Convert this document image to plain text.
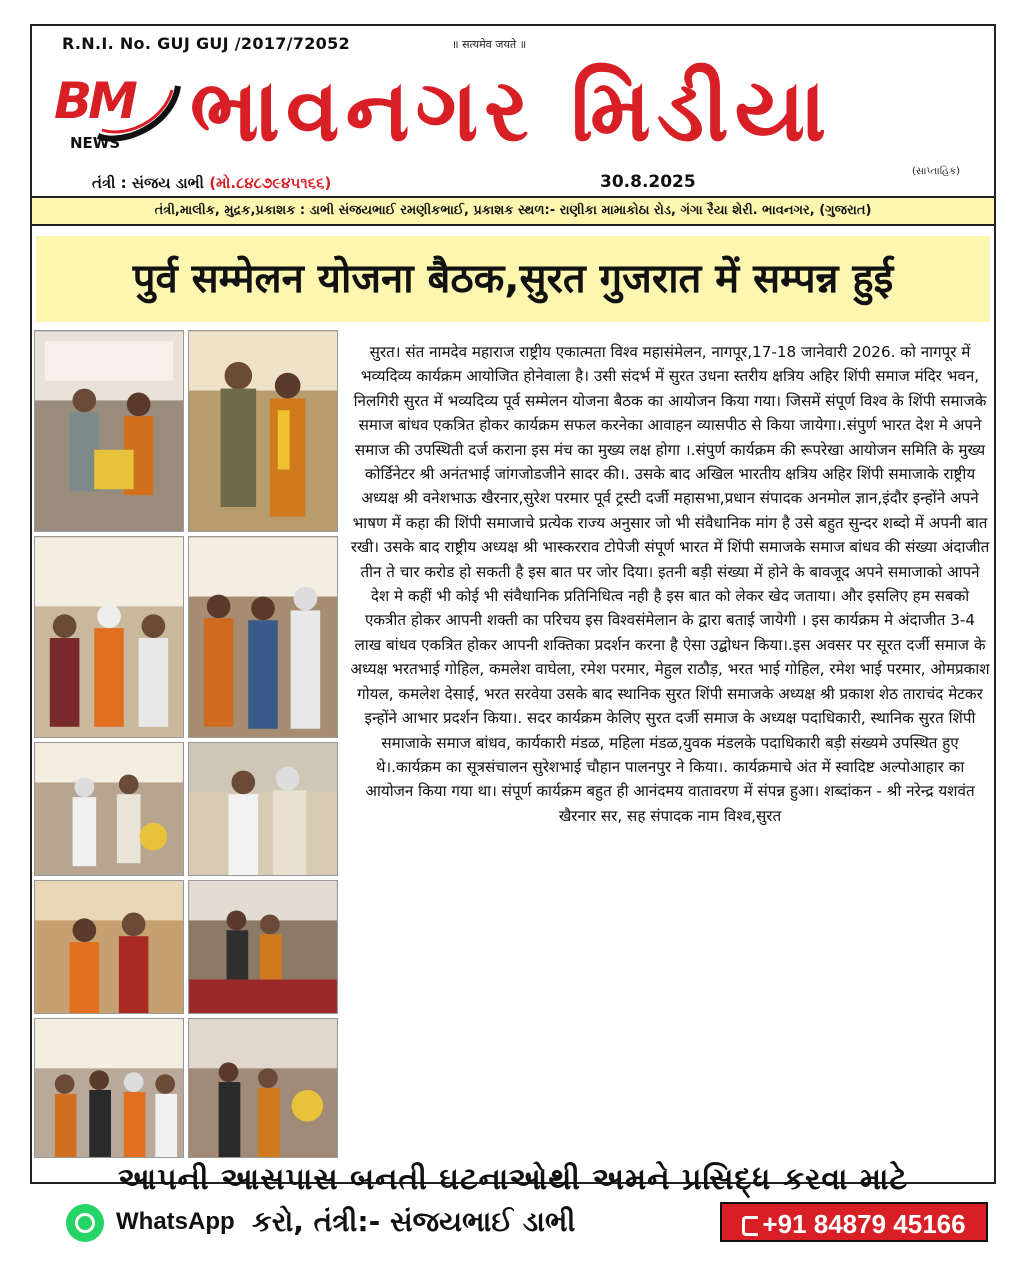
R.N.I. No. GUJ GUJ /2017/72052	॥ सत्यमेव जयते ॥
BM
NEWS ભાવનગર મિડીયા
(સાપ્તાહિક)
તંત્રી : સંજય ડાભી (મો.૮૪૮૭૯૪૫૧૬૬)	30.8.2025
તંત્રી,માલીક, મુદ્રક,પ્રકાશક : ડાભી સંજયભાઈ રમણીકભાઈ, પ્રકાશક સ્થળ:- રાણીકા મામાકોઠા રોડ, ગંગા રૈયા શેરી. ભાવનગર, (ગુજરાત)
पुर्व सम्मेलन योजना बैठक,सुरत गुजरात में सम्पन्न हुई
सुरत। संत नामदेव महाराज राष्ट्रीय एकात्मता विश्व महासंमेलन, नागपूर,17-18 जानेवारी 2026. को नागपूर में भव्यदिव्य कार्यक्रम आयोजित होनेवाला है। उसी संदर्भ में सुरत उधना स्तरीय क्षत्रिय अहिर शिंपी समाज मंदिर भवन, निलगिरी सुरत में भव्यदिव्य पूर्व सम्मेलन योजना बैठक का आयोजन किया गया। जिसमें संपूर्ण विश्व के शिंपी समाजके समाज बांधव एकत्रित होकर कार्यक्रम सफल करनेका आवाहन व्यासपीठ से किया जायेगा।.संपुर्ण भारत देश मे अपने समाज की उपस्थिती दर्ज कराना इस मंच का मुख्य लक्ष होगा ।.संपुर्ण कार्यक्रम की रूपरेखा आयोजन समिति के मुख्य कोर्डिनेटर श्री अनंतभाई जांगजोडजीने सादर की।. उसके बाद अखिल भारतीय क्षत्रिय अहिर शिंपी समाजाके राष्ट्रीय अध्यक्ष श्री वनेशभाऊ खैरनार,सुरेश परमार पूर्व ट्रस्टी दर्जी महासभा,प्रधान संपादक अनमोल ज्ञान,इंदौर इन्होंने अपने भाषण में कहा की शिंपी समाजाचे प्रत्येक राज्य अनुसार जो भी संवैधानिक मांग है उसे बहुत सुन्दर शब्दो में अपनी बात रखी। उसके बाद राष्ट्रीय अध्यक्ष श्री भास्करराव टोपेजी संपूर्ण भारत में शिंपी समाजके समाज बांधव की संख्या अंदाजीत तीन ते चार करोड हो सकती है इस बात पर जोर दिया। इतनी बड़ी संख्या में होने के बावजूद अपने समाजाको आपने देश मे कहीं भी कोई भी संवैधानिक प्रतिनिधित्व नही है इस बात को लेकर खेद जताया। और इसलिए हम सबको एकत्रीत होकर आपनी शक्ती का परिचय इस विश्वसंमेलान के द्वारा बताई जायेगी । इस कार्यक्रम मे अंदाजीत 3-4 लाख बांधव एकत्रित होकर आपनी शक्तिका प्रदर्शन करना है ऐसा उद्बोधन किया।.इस अवसर पर सूरत दर्जी समाज के अध्यक्ष भरतभाई गोहिल, कमलेश वाघेला, रमेश परमार, मेहुल राठौड़, भरत भाई गोहिल, रमेश भाई परमार, ओमप्रकाश गोयल, कमलेश देसाई, भरत सरवेया उसके बाद स्थानिक सुरत शिंपी समाजके अध्यक्ष श्री प्रकाश शेठ ताराचंद मेटकर इन्होंने आभार प्रदर्शन किया।. सदर कार्यक्रम केलिए सुरत दर्जी समाज के अध्यक्ष पदाधिकारी, स्थानिक सुरत शिंपी समाजाके समाज बांधव, कार्यकारी मंडळ, महिला मंडळ,युवक मंडलके पदाधिकारी बड़ी संख्यमे उपस्थित हुए थे।.कार्यक्रम का सूत्रसंचालन सुरेशभाई चौहान पालनपुर ने किया।. कार्यक्रमाचे अंत में स्वादिष्ट अल्पोआहार का आयोजन किया गया था। संपूर्ण कार्यक्रम बहुत ही आनंदमय वातावरण में संपन्न हुआ। शब्दांकन - श्री नरेन्द्र यशवंत खैरनार सर, सह संपादक नाम विश्व,सुरत
આપની આસપાસ બનતી ઘટનાઓથી અમને પ્રસિદ્ધ કરવા માટે
WhatsApp કરો, તંત્રી:- સંજયભાઈ ડાભી	+91 84879 45166
